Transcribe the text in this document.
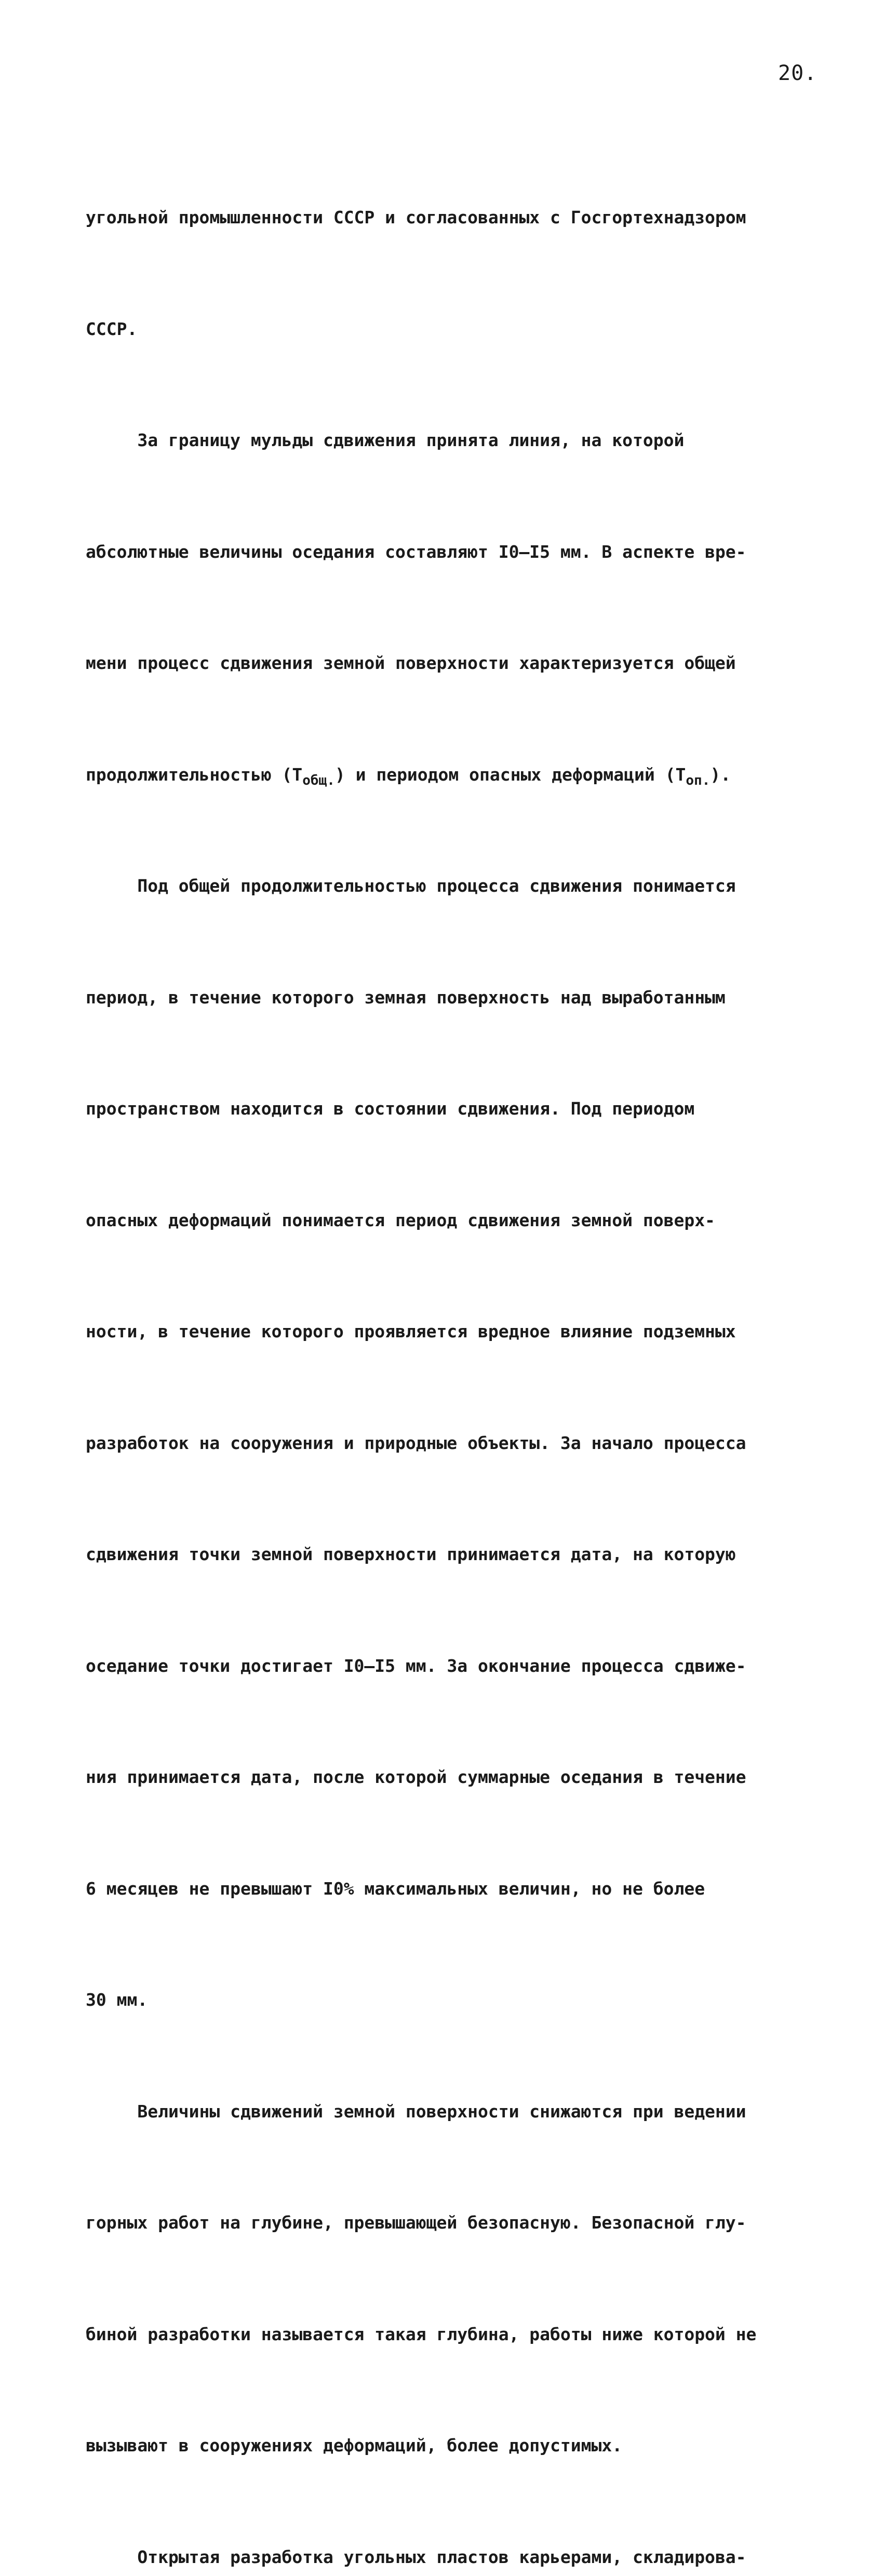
20.

угольной промышленности СССР и согласованных с Госгортехнадзором

СССР.

За границу мульды сдвижения принята линия, на которой

абсолютные величины оседания составляют I0–I5 мм. В аспекте вре-

мени процесс сдвижения земной поверхности характеризуется общей

продолжительностью $(T_{общ.})$ и периодом опасных деформаций $(T_{оп.})$.

Под общей продолжительностью процесса сдвижения понимается

период, в течение которого земная поверхность над выработанным

пространством находится в состоянии сдвижения. Под периодом

опасных деформаций понимается период сдвижения земной поверх-

ности, в течение которого проявляется вредное влияние подземных

разработок на сооружения и природные объекты. За начало процесса

сдвижения точки земной поверхности принимается дата, на которую

оседание точки достигает I0–I5 мм. За окончание процесса сдвиже-

ния принимается дата, после которой суммарные оседания в течение

6 месяцев не превышают I0% максимальных величин, но не более

30 мм.

Величины сдвижений земной поверхности снижаются при ведении

горных работ на глубине, превышающей безопасную. Безопасной глу-

биной разработки называется такая глубина, работы ниже которой не

вызывают в сооружениях деформаций, более допустимых.

Открытая разработка угольных пластов карьерами, складирова-
